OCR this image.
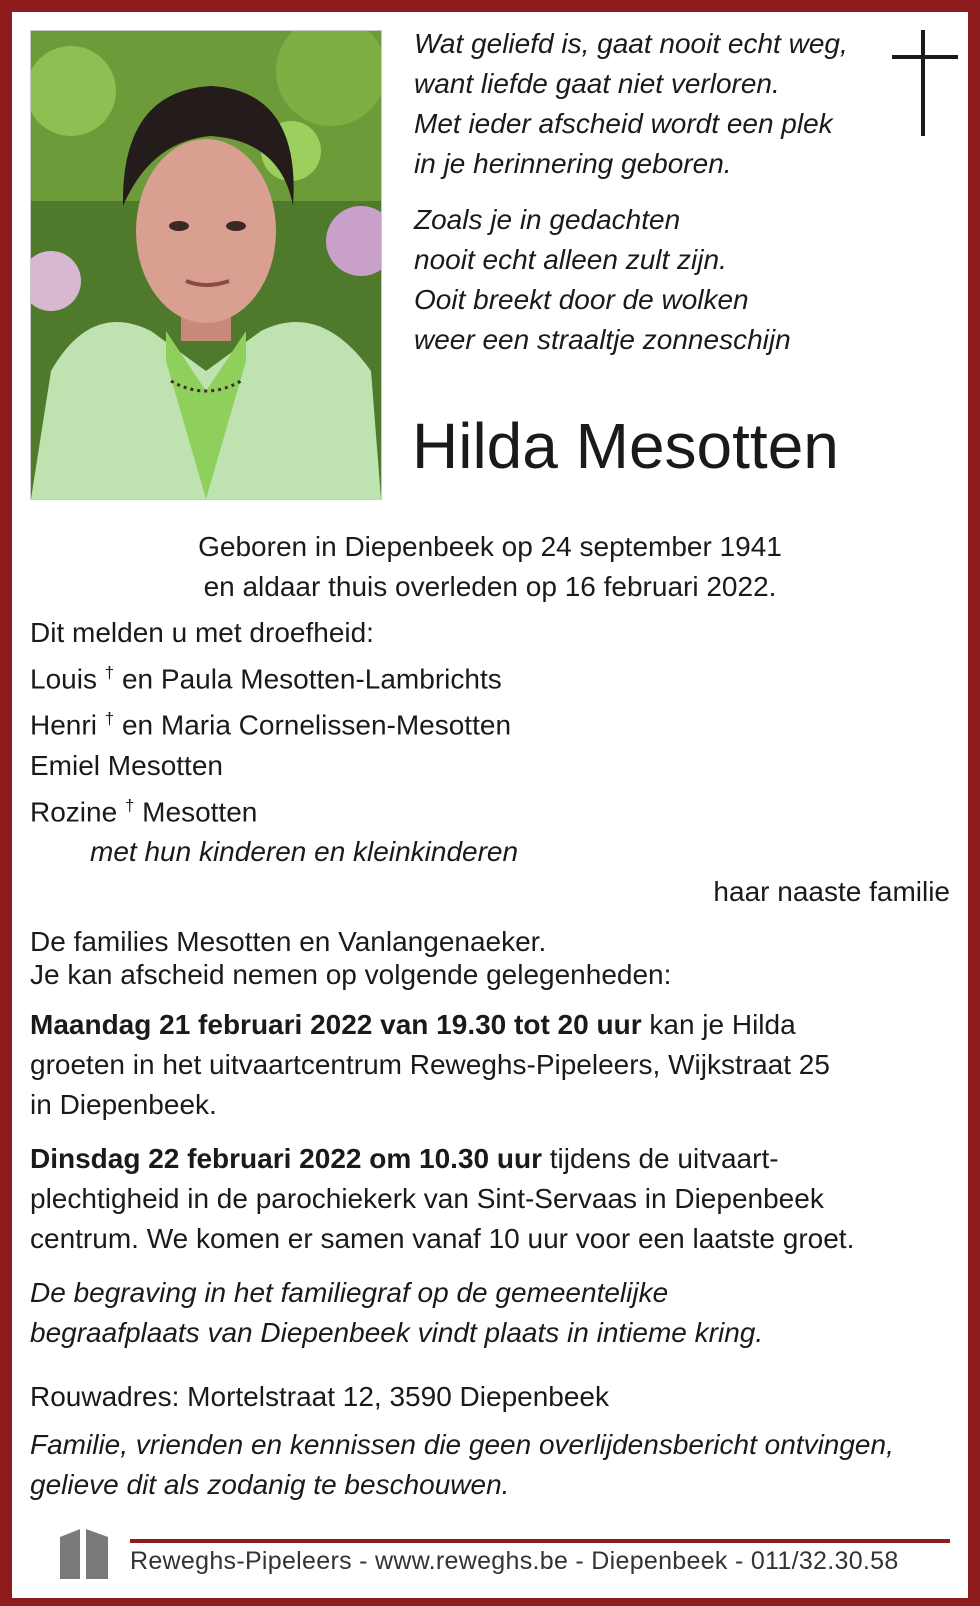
Wat geliefd is, gaat nooit echt weg,

want liefde gaat niet verloren.

Met ieder afscheid wordt een plek

in je herinnering geboren.

Zoals je in gedachten

nooit echt alleen zult zijn.

Ooit breekt door de wolken

weer een straaltje zonneschijn

Hilda Mesotten
Geboren in Diepenbeek op 24 september 1941
en aldaar thuis overleden op 16 februari 2022.

Dit melden u met droefheid:

Louis † en Paula Mesotten-Lambrichts

Henri † en Maria Cornelissen-Mesotten

Emiel Mesotten

Rozine † Mesotten

met hun kinderen en kleinkinderen

haar naaste familie

De families Mesotten en Vanlangenaeker.

Je kan afscheid nemen op volgende gelegenheden:

Maandag 21 februari 2022 van 19.30 tot 20 uur kan je Hilda

groeten in het uitvaartcentrum Reweghs-Pipeleers, Wijkstraat 25

in Diepenbeek.

Dinsdag 22 februari 2022 om 10.30 uur tijdens de uitvaart-

plechtigheid in de parochiekerk van Sint-Servaas in Diepenbeek

centrum. We komen er samen vanaf 10 uur voor een laatste groet.

De begraving in het familiegraf op de gemeentelijke

begraafplaats van Diepenbeek vindt plaats in intieme kring.

Rouwadres: Mortelstraat 12, 3590 Diepenbeek

Familie, vrienden en kennissen die geen overlijdensbericht ontvingen,

gelieve dit als zodanig te beschouwen.

Reweghs-Pipeleers - www.reweghs.be - Diepenbeek - 011/32.30.58
